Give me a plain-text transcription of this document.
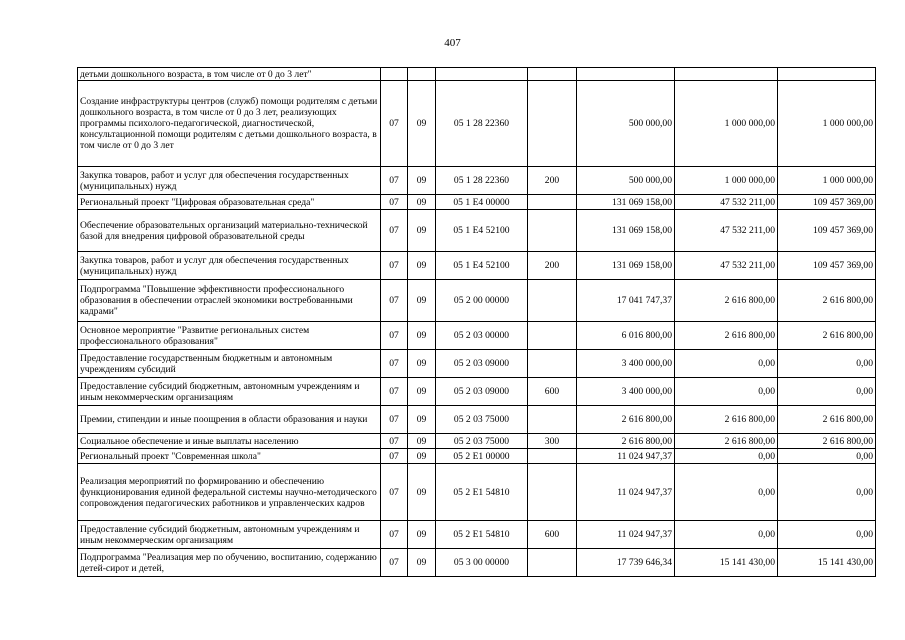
407
детьми дошкольного возраста, в том числе от 0 до 3 лет"							
Создание инфраструктуры центров (служб) помощи родителям с детьми дошкольного возраста, в том числе от 0 до 3 лет, реализующих программы психолого-педагогической, диагностической, консультационной помощи родителям с детьми дошкольного возраста, в том числе от 0 до 3 лет	07	09	05 1 28 22360		500 000,00	1 000 000,00	1 000 000,00
Закупка товаров, работ и услуг для обеспечения государственных (муниципальных) нужд	07	09	05 1 28 22360	200	500 000,00	1 000 000,00	1 000 000,00
Региональный проект "Цифровая образовательная среда"	07	09	05 1 E4 00000		131 069 158,00	47 532 211,00	109 457 369,00
Обеспечение образовательных организаций материально-технической базой для внедрения цифровой образовательной среды	07	09	05 1 E4 52100		131 069 158,00	47 532 211,00	109 457 369,00
Закупка товаров, работ и услуг для обеспечения государственных (муниципальных) нужд	07	09	05 1 E4 52100	200	131 069 158,00	47 532 211,00	109 457 369,00
Подпрограмма "Повышение эффективности профессионального образования в обеспечении отраслей экономики востребованными кадрами"	07	09	05 2 00 00000		17 041 747,37	2 616 800,00	2 616 800,00
Основное мероприятие "Развитие региональных систем профессионального образования"	07	09	05 2 03 00000		6 016 800,00	2 616 800,00	2 616 800,00
Предоставление государственным бюджетным и автономным учреждениям субсидий	07	09	05 2 03 09000		3 400 000,00	0,00	0,00
Предоставление субсидий бюджетным, автономным учреждениям и иным некоммерческим организациям	07	09	05 2 03 09000	600	3 400 000,00	0,00	0,00
Премии, стипендии и иные поощрения в области образования и науки	07	09	05 2 03 75000		2 616 800,00	2 616 800,00	2 616 800,00
Социальное обеспечение и иные выплаты населению	07	09	05 2 03 75000	300	2 616 800,00	2 616 800,00	2 616 800,00
Региональный проект "Современная школа"	07	09	05 2 E1 00000		11 024 947,37	0,00	0,00
Реализация мероприятий по формированию и обеспечению функционирования единой федеральной системы научно-методического сопровождения педагогических работников и управленческих кадров	07	09	05 2 E1 54810		11 024 947,37	0,00	0,00
Предоставление субсидий бюджетным, автономным учреждениям и иным некоммерческим организациям	07	09	05 2 E1 54810	600	11 024 947,37	0,00	0,00
Подпрограмма "Реализация мер по обучению, воспитанию, содержанию детей-сирот и детей,	07	09	05 3 00 00000		17 739 646,34	15 141 430,00	15 141 430,00
